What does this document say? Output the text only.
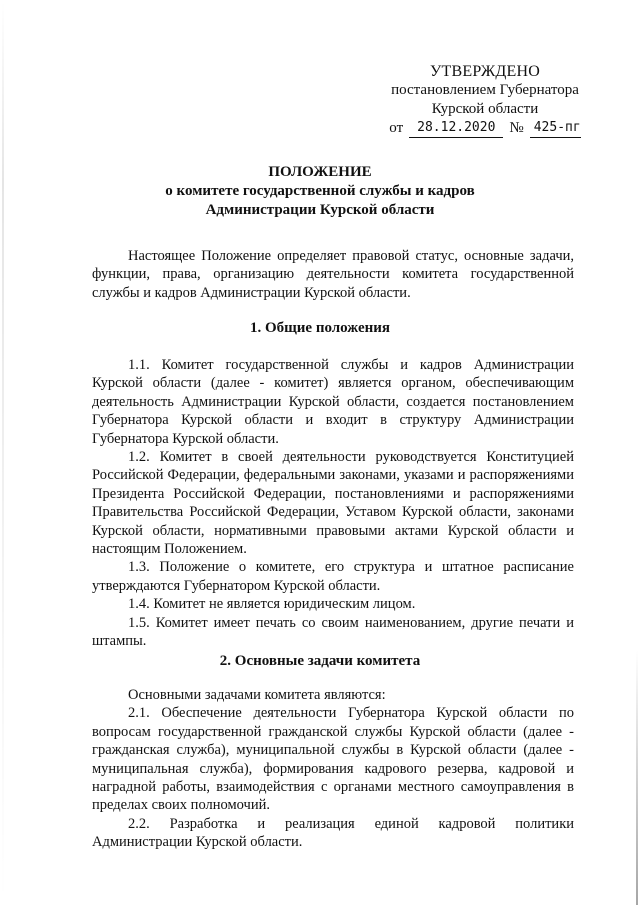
УТВЕРЖДЕНО
постановлением Губернатора
Курской области
от	28.12.2020 № 425-пг
ПОЛОЖЕНИЕ
о комитете государственной службы и кадров
Администрации Курской области
Настоящее Положение определяет правовой статус, основные задачи, функции, права, организацию деятельности комитета государственной службы и кадров Администрации Курской области.
1. Общие положения

1.1. Комитет государственной службы и кадров Администрации Курской области (далее - комитет) является органом, обеспечивающим деятельность Администрации Курской области, создается постановлением Губернатора Курской области и входит в структуру Администрации Губернатора Курской области.

1.2. Комитет в своей деятельности руководствуется Конституцией Российской Федерации, федеральными законами, указами и распоряжениями Президента Российской Федерации, постановлениями и распоряжениями Правительства Российской Федерации, Уставом Курской области, законами Курской области, нормативными правовыми актами Курской области и настоящим Положением.

1.3. Положение о комитете, его структура и штатное расписание утверждаются Губернатором Курской области.

1.4. Комитет не является юридическим лицом.

1.5. Комитет имеет печать со своим наименованием, другие печати и штампы.

2. Основные задачи комитета

Основными задачами комитета являются:

2.1. Обеспечение деятельности Губернатора Курской области по вопросам государственной гражданской службы Курской области (далее - гражданская служба), муниципальной службы в Курской области (далее - муниципальная служба), формирования кадрового резерва, кадровой и наградной работы, взаимодействия с органами местного самоуправления в пределах своих полномочий.

2.2. Разработка и реализация единой кадровой политики Администрации Курской области.
